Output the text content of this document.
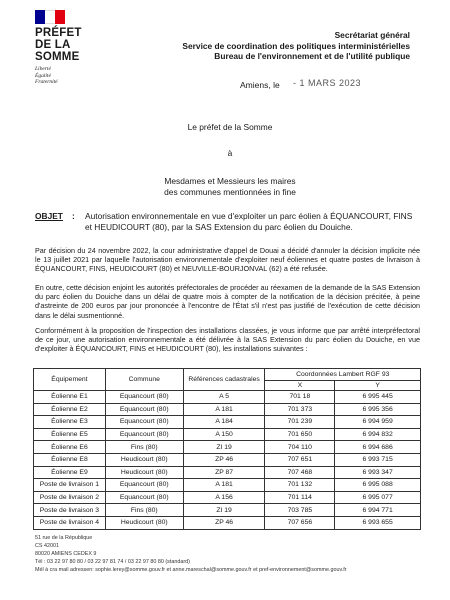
PRÉFET
DE LA SOMME
Liberté
Égalité
Fraternité
Secrétariat général
Service de coordination des politiques interministérielles
Bureau de l'environnement et de l'utilité publique
Amiens, le - 1 MARS 2023
Le préfet de la Somme
à
Mesdames et Messieurs les maires
des communes mentionnées in fine
OBJET : Autorisation environnementale en vue d'exploiter un parc éolien à ÉQUANCOURT, FINS et HEUDICOURT (80), par la SAS Extension du parc éolien du Douiche.
Par décision du 24 novembre 2022, la cour administrative d'appel de Douai a décidé d'annuler la décision implicite née le 13 juillet 2021 par laquelle l'autorisation environnementale d'exploiter neuf éoliennes et quatre postes de livraison à ÉQUANCOURT, FINS, HEUDICOURT (80) et NEUVILLE-BOURJONVAL (62) a été refusée.
En outre, cette décision enjoint les autorités préfectorales de procéder au réexamen de la demande de la SAS Extension du parc éolien du Douiche dans un délai de quatre mois à compter de la notification de la décision précitée, à peine d'astreinte de 200 euros par jour prononcée à l'encontre de l'État s'il n'est pas justifié de l'exécution de cette décision dans le délai susmentionné.
Conformément à la proposition de l'inspection des installations classées, je vous informe que par arrêté interpréfectoral de ce jour, une autorisation environnementale a été délivrée à la SAS Extension du parc éolien du Douiche, en vue d'exploiter à ÉQUANCOURT, FINS et HEUDICOURT (80), les installations suivantes :
Équipement	Commune	Références cadastrales	Coordonnées Lambert RGF 93	
			X	Y
Éolienne E1	Equancourt (80)	A 5	701 18	6 995 445
Éolienne E2	Equancourt (80)	A 181	701 373	6 995 356
Éolienne E3	Equancourt (80)	A 184	701 239	6 994 959
Éolienne E5	Equancourt (80)	A 150	701 650	6 994 832
Éolienne E6	Fins (80)	ZI 19	704 110	6 994 686
Éolienne E8	Heudicourt (80)	ZP 46	707 651	6 993 715
Éolienne E9	Heudicourt (80)	ZP 87	707 468	6 993 347
Poste de livraison 1	Equancourt (80)	A 181	701 132	6 995 088
Poste de livraison 2	Equancourt (80)	A 156	701 114	6 995 077
Poste de livraison 3	Fins (80)	ZI 19	703 785	6 994 771
Poste de livraison 4	Heudicourt (80)	ZP 46	707 656	6 993 655
51 rue de la République
CS 42001
80020 AMIENS CEDEX 9
Tél : 03 22 97 80 80 / 03 22 97 81 74 / 03 22 97 80 80 (standard)
Mél à cra mail adressen: sophie.lerey@somme.gouv.fr et anne.mareschal@somme.gouv.fr et pref-environnement@somme.gouv.fr
